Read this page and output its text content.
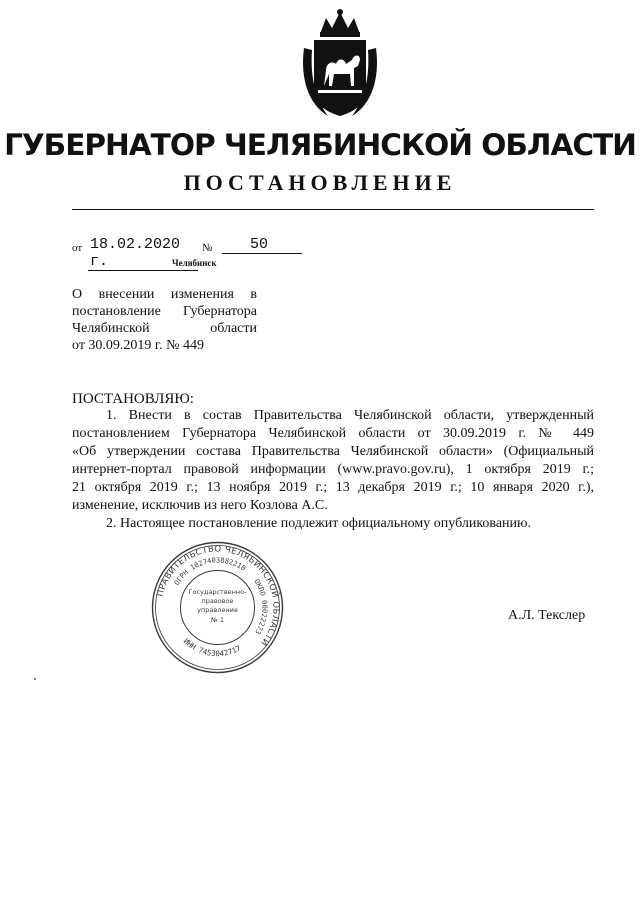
ГУБЕРНАТОР ЧЕЛЯБИНСКОЙ ОБЛАСТИ
ПОСТАНОВЛЕНИЕ
от 18.02.2020 г.
№	50
Челябинск
О внесении изменения в
постановление Губернатора
Челябинской области
от 30.09.2019 г. № 449
ПОСТАНОВЛЯЮ:
1. Внести в состав Правительства Челябинской области, утвержденный
постановлением Губернатора Челябинской области от 30.09.2019 г. № 449
«Об утверждении состава Правительства Челябинской области» (Официальный
интернет-портал правовой информации (www.pravo.gov.ru), 1 октября 2019 г.;
21 октября 2019 г.; 13 ноября 2019 г.; 13 декабря 2019 г.; 10 января 2020 г.),
изменение, исключив из него Козлова А.С.
2. Настоящее постановление подлежит официальному опубликованию.
ПРАВИТЕЛЬСТВО ЧЕЛЯБИНСКОЙ ОБЛАСТИ
ОГРН 1027403882210
ОКПО 00022273
ИНН 7453042717
Государственно-
правовое
управление
№ 1	А.Л. Текслер
